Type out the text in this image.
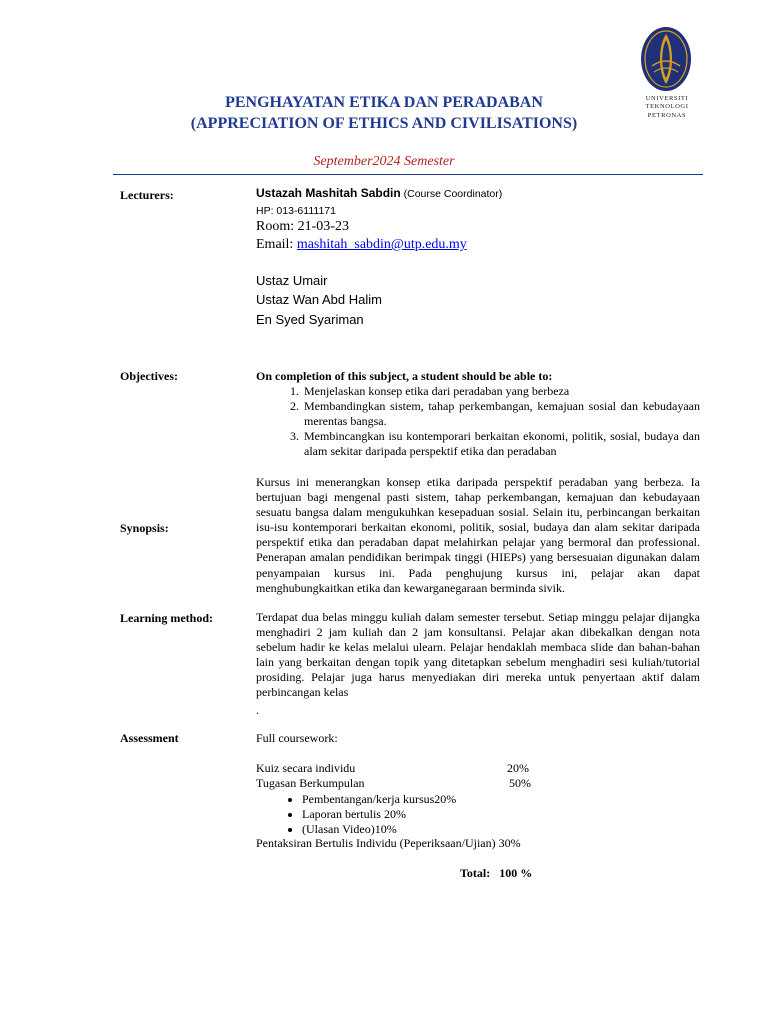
PENGHAYATAN ETIKA DAN PERADABAN
(APPRECIATION OF ETHICS AND CIVILISATIONS)
September2024 Semester
UNIVERSITI
TEKNOLOGI
PETRONAS
Lecturers:	Ustazah Mashitah Sabdin (Course Coordinator)
HP: 013-6111171
Room: 21-03-23
Email: mashitah_sabdin@utp.edu.my
Ustaz Umair
Ustaz Wan Abd Halim
En Syed Syariman
Objectives:	On completion of this subject, a student should be able to:
1. Menjelaskan konsep etika dari peradaban yang berbeza
2. Membandingkan sistem, tahap perkembangan, kemajuan sosial dan kebudayaan merentas bangsa.
3. Membincangkan isu kontemporari berkaitan ekonomi, politik, sosial, budaya dan alam sekitar daripada perspektif etika dan peradaban
Synopsis:
Kursus ini menerangkan konsep etika daripada perspektif peradaban yang berbeza. Ia bertujuan bagi mengenal pasti sistem, tahap perkembangan, kemajuan dan kebudayaan sesuatu bangsa dalam mengukuhkan kesepaduan sosial. Selain itu, perbincangan berkaitan isu-isu kontemporari berkaitan ekonomi, politik, sosial, budaya dan alam sekitar daripada perspektif etika dan peradaban dapat melahirkan pelajar yang bermoral dan professional. Penerapan amalan pendidikan berimpak tinggi (HIEPs) yang bersesuaian digunakan dalam penyampaian kursus ini. Pada penghujung kursus ini, pelajar akan dapat menghubungkaitkan etika dan kewarganegaraan berminda sivik.
Learning method:	Terdapat dua belas minggu kuliah dalam semester tersebut. Setiap minggu pelajar dijangka menghadiri 2 jam kuliah dan 2 jam konsultansi. Pelajar akan dibekalkan dengan nota sebelum hadir ke kelas melalui ulearn. Pelajar hendaklah membaca slide dan bahan-bahan lain yang berkaitan dengan topik yang ditetapkan sebelum menghadiri sesi kuliah/tutorial prosiding. Pelajar juga harus menyediakan diri mereka untuk penyertaan aktif dalam perbincangan kelas
.
Assessment	Full coursework:
Kuiz secara individu	20%
Tugasan Berkumpulan	50%
• Pembentangan/kerja kursus20%
• Laporan bertulis 20%
• (Ulasan Video)10%
Pentaksiran Bertulis Individu (Peperiksaan/Ujian) 30%
Total: 100 %
